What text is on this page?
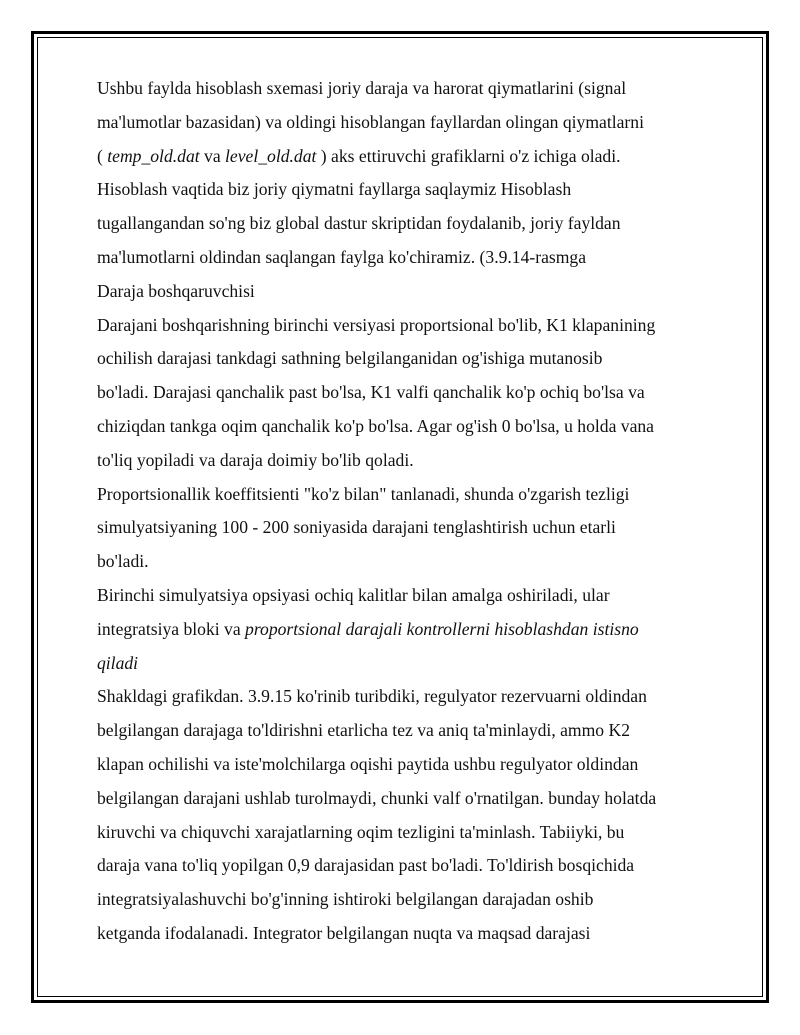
Ushbu faylda hisoblash sxemasi joriy daraja va harorat qiymatlarini (signal
ma'lumotlar bazasidan) va oldingi hisoblangan fayllardan olingan qiymatlarni
( temp_old.dat va level_old.dat ) aks ettiruvchi grafiklarni o'z ichiga oladi.
Hisoblash vaqtida biz joriy qiymatni fayllarga saqlaymiz Hisoblash
tugallangandan so'ng biz global dastur skriptidan foydalanib, joriy fayldan
ma'lumotlarni oldindan saqlangan faylga ko'chiramiz. (3.9.14-rasmga
Daraja boshqaruvchisi
Darajani boshqarishning birinchi versiyasi proportsional bo'lib, K1 klapanining
ochilish darajasi tankdagi sathning belgilanganidan og'ishiga mutanosib
bo'ladi. Darajasi qanchalik past bo'lsa, K1 valfi qanchalik ko'p ochiq bo'lsa va
chiziqdan tankga oqim qanchalik ko'p bo'lsa. Agar og'ish 0 bo'lsa, u holda vana
to'liq yopiladi va daraja doimiy bo'lib qoladi.
Proportsionallik koeffitsienti "ko'z bilan" tanlanadi, shunda o'zgarish tezligi
simulyatsiyaning 100 - 200 soniyasida darajani tenglashtirish uchun etarli
bo'ladi.
Birinchi simulyatsiya opsiyasi ochiq kalitlar bilan amalga oshiriladi, ular
integratsiya bloki va proportsional darajali kontrollerni hisoblashdan istisno
qiladi
Shakldagi grafikdan. 3.9.15 ko'rinib turibdiki, regulyator rezervuarni oldindan
belgilangan darajaga to'ldirishni etarlicha tez va aniq ta'minlaydi, ammo K2
klapan ochilishi va iste'molchilarga oqishi paytida ushbu regulyator oldindan
belgilangan darajani ushlab turolmaydi, chunki valf o'rnatilgan. bunday holatda
kiruvchi va chiquvchi xarajatlarning oqim tezligini ta'minlash. Tabiiyki, bu
daraja vana to'liq yopilgan 0,9 darajasidan past bo'ladi. To'ldirish bosqichida
integratsiyalashuvchi bo'g'inning ishtiroki belgilangan darajadan oshib
ketganda ifodalanadi. Integrator belgilangan nuqta va maqsad darajasi
